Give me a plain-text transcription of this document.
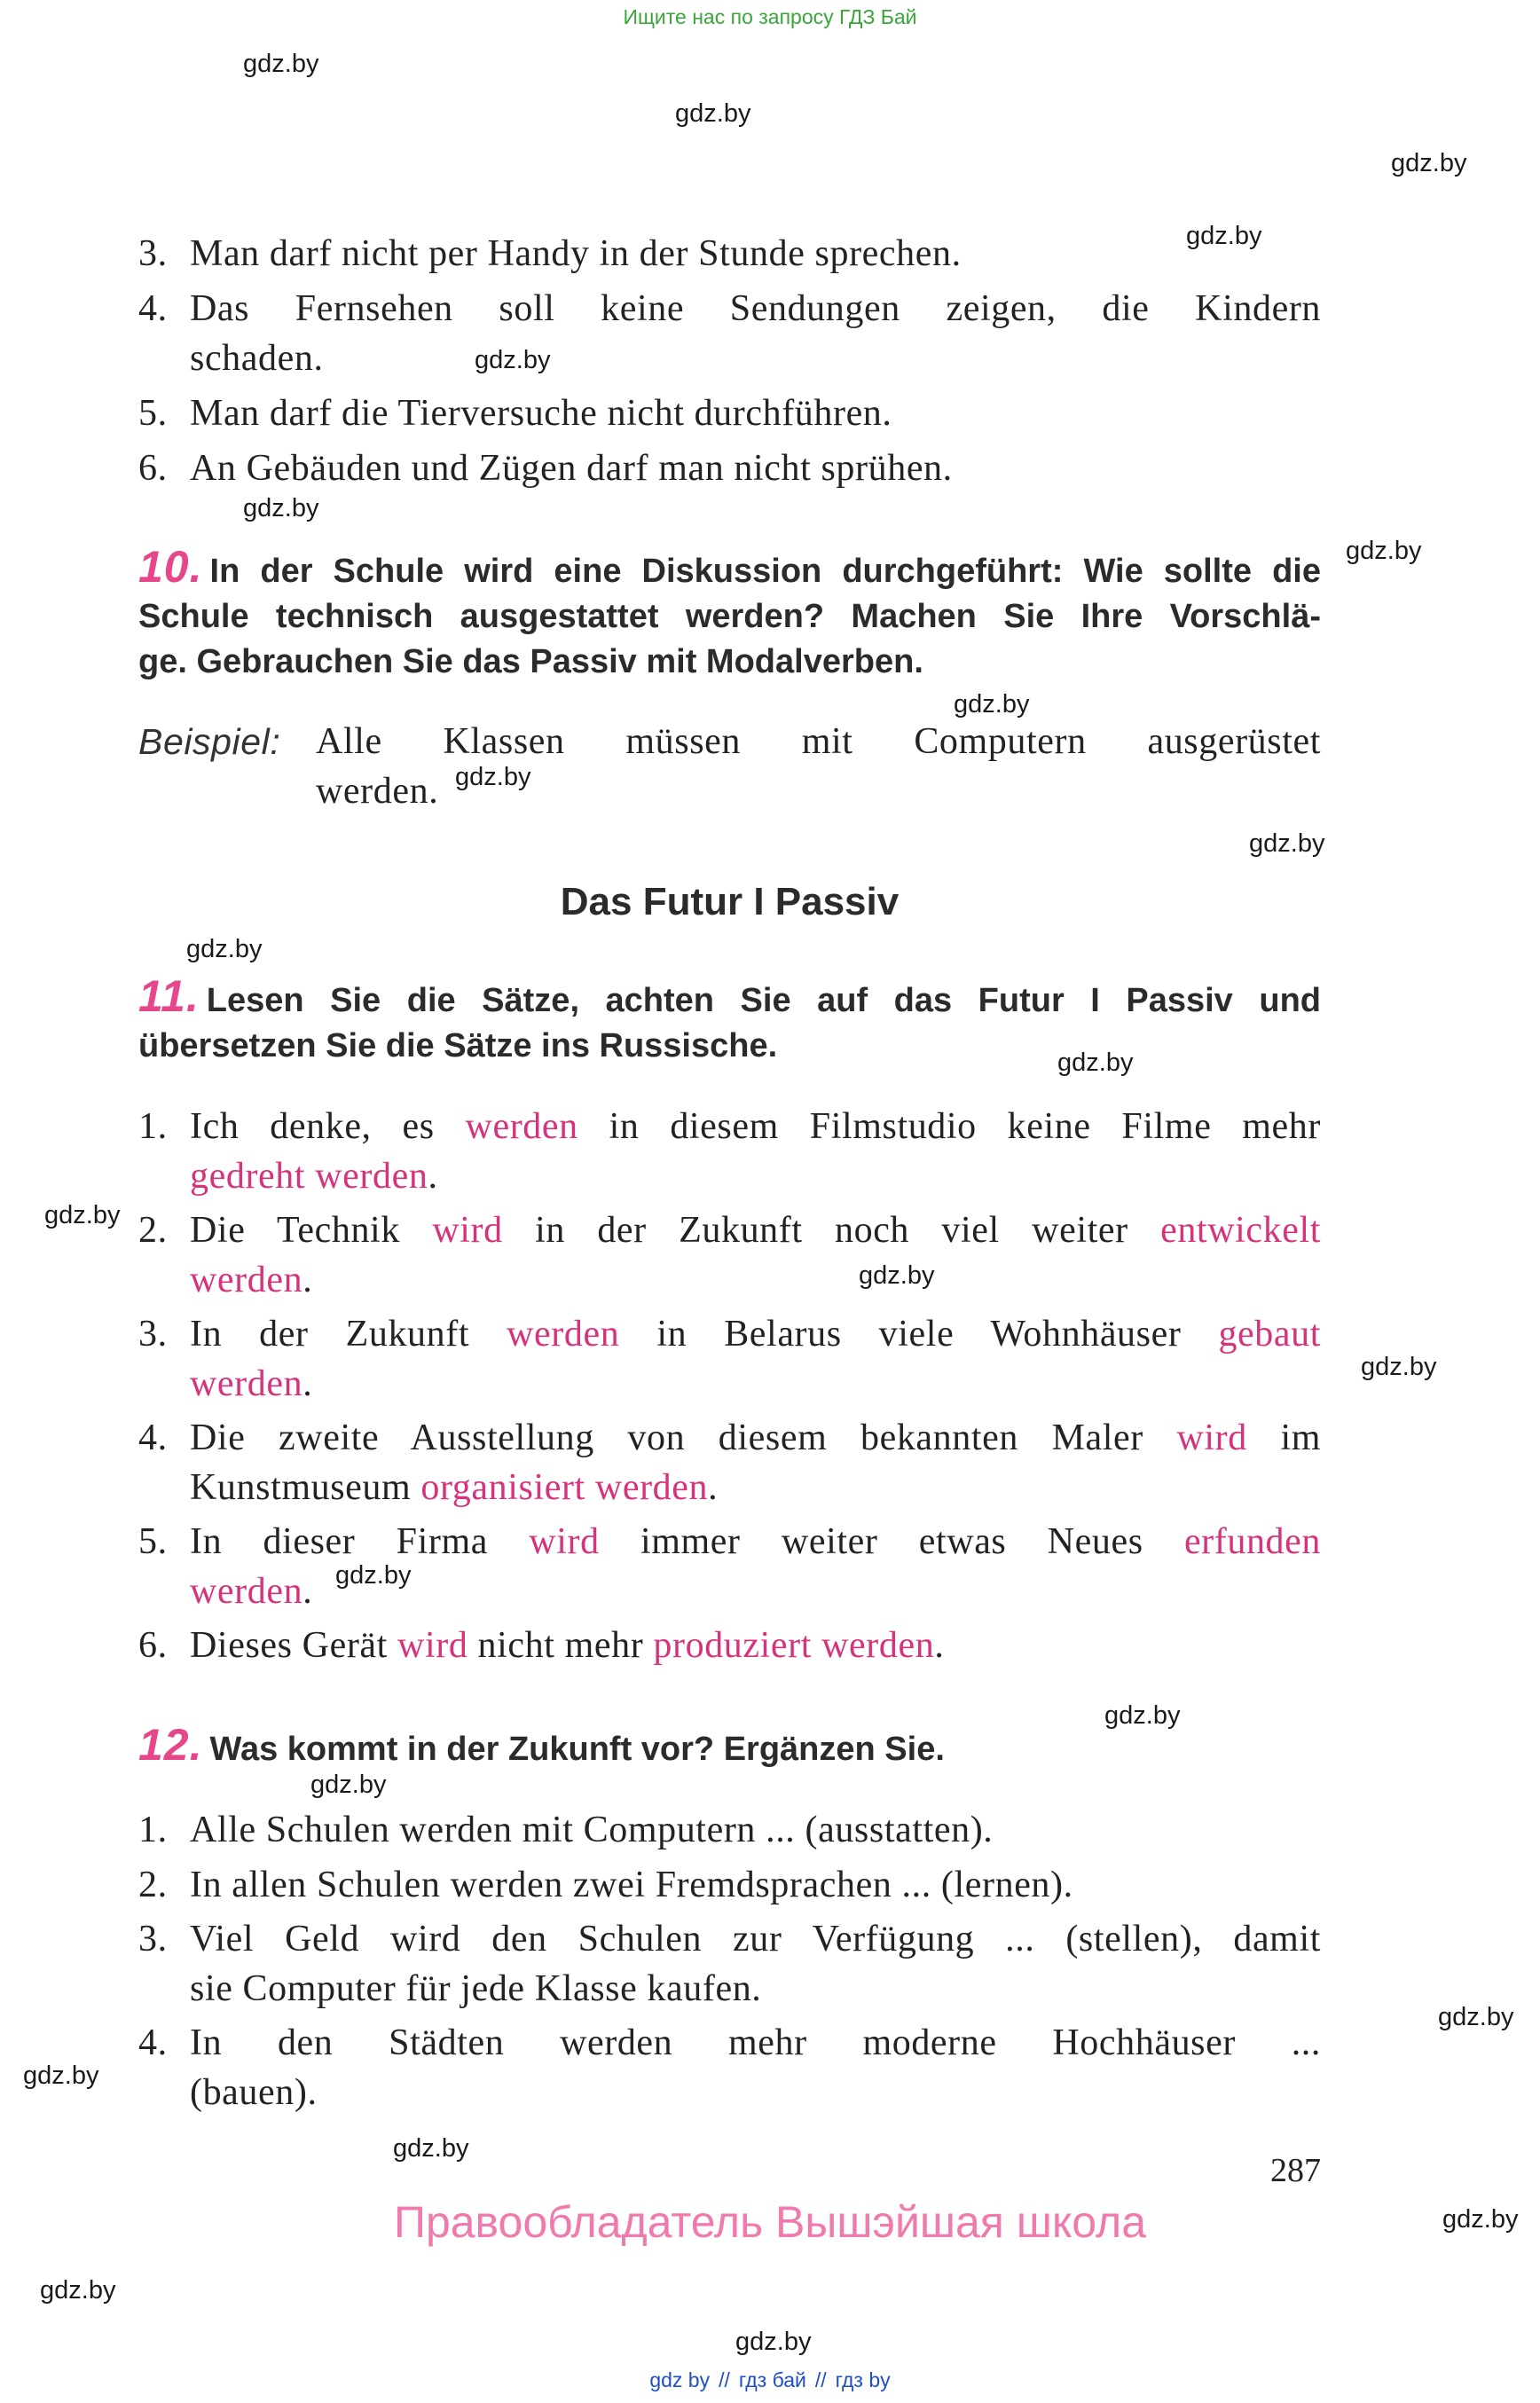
Ищите нас по запросу ГДЗ Бай
gdz.by
gdz.by
gdz.by
gdz.by
gdz.by
gdz.by
gdz.by
gdz.by
gdz.by
gdz.by
gdz.by
gdz.by
gdz.by
gdz.by
gdz.by
gdz.by
gdz.by
gdz.by
gdz.by
gdz.by
gdz.by
gdz.by
gdz.by
gdz.by
3. Man darf nicht per Handy in der Stunde sprechen.
4. Das Fernsehen soll keine Sendungen zeigen, die Kindern
schaden.
5. Man darf die Tierversuche nicht durchführen.
6. An Gebäuden und Zügen darf man nicht sprühen.
10. In der Schule wird eine Diskussion durchgeführt: Wie sollte die
Schule technisch ausgestattet werden? Machen Sie Ihre Vorschlä-
ge. Gebrauchen Sie das Passiv mit Modalverben.
Beispiel: Alle Klassen müssen mit Computern ausgerüstet
werden.
Das Futur I Passiv
11. Lesen Sie die Sätze, achten Sie auf das Futur I Passiv und
übersetzen Sie die Sätze ins Russische.
1. Ich denke, es werden in diesem Filmstudio keine Filme mehr
gedreht werden.
2. Die Technik wird in der Zukunft noch viel weiter entwickelt
werden.
3. In der Zukunft werden in Belarus viele Wohnhäuser gebaut
werden.
4. Die zweite Ausstellung von diesem bekannten Maler wird im
Kunstmuseum organisiert werden.
5. In dieser Firma wird immer weiter etwas Neues erfunden
werden.
6. Dieses Gerät wird nicht mehr produziert werden.
12. Was kommt in der Zukunft vor? Ergänzen Sie.
1. Alle Schulen werden mit Computern ... (ausstatten).
2. In allen Schulen werden zwei Fremdsprachen ... (lernen).
3. Viel Geld wird den Schulen zur Verfügung ... (stellen), damit
sie Computer für jede Klasse kaufen.
4. In den Städten werden mehr moderne Hochhäuser ...
(bauen).
287
Правообладатель Вышэйшая школа
gdz by // гдз бай // гдз by
